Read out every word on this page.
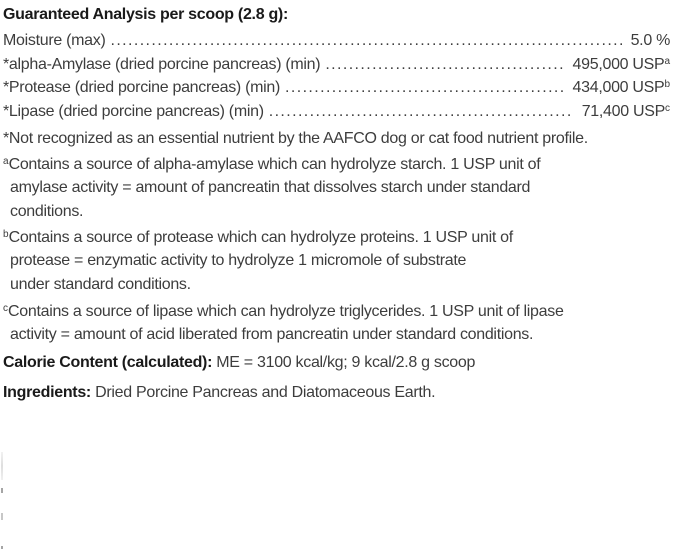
Guaranteed Analysis per scoop (2.8 g):
Moisture (max) .....	5.0 %
*alpha-Amylase (dried porcine pancreas) (min) .....	495,000 USP$^a$
*Protease (dried porcine pancreas) (min) .....	434,000 USP$^b$
*Lipase (dried porcine pancreas) (min) .....	71,400 USP$^c$
*Not recognized as an essential nutrient by the AAFCO dog or cat food nutrient profile.
$^a$Contains a source of alpha-amylase which can hydrolyze starch. 1 USP unit of
amylase activity = amount of pancreatin that dissolves starch under standard
conditions.
$^b$Contains a source of protease which can hydrolyze proteins. 1 USP unit of
protease = enzymatic activity to hydrolyze 1 micromole of substrate
under standard conditions.
$^c$Contains a source of lipase which can hydrolyze triglycerides. 1 USP unit of lipase
activity = amount of acid liberated from pancreatin under standard conditions.
Calorie Content (calculated): ME = 3100 kcal/kg; 9 kcal/2.8 g scoop
Ingredients: Dried Porcine Pancreas and Diatomaceous Earth.
